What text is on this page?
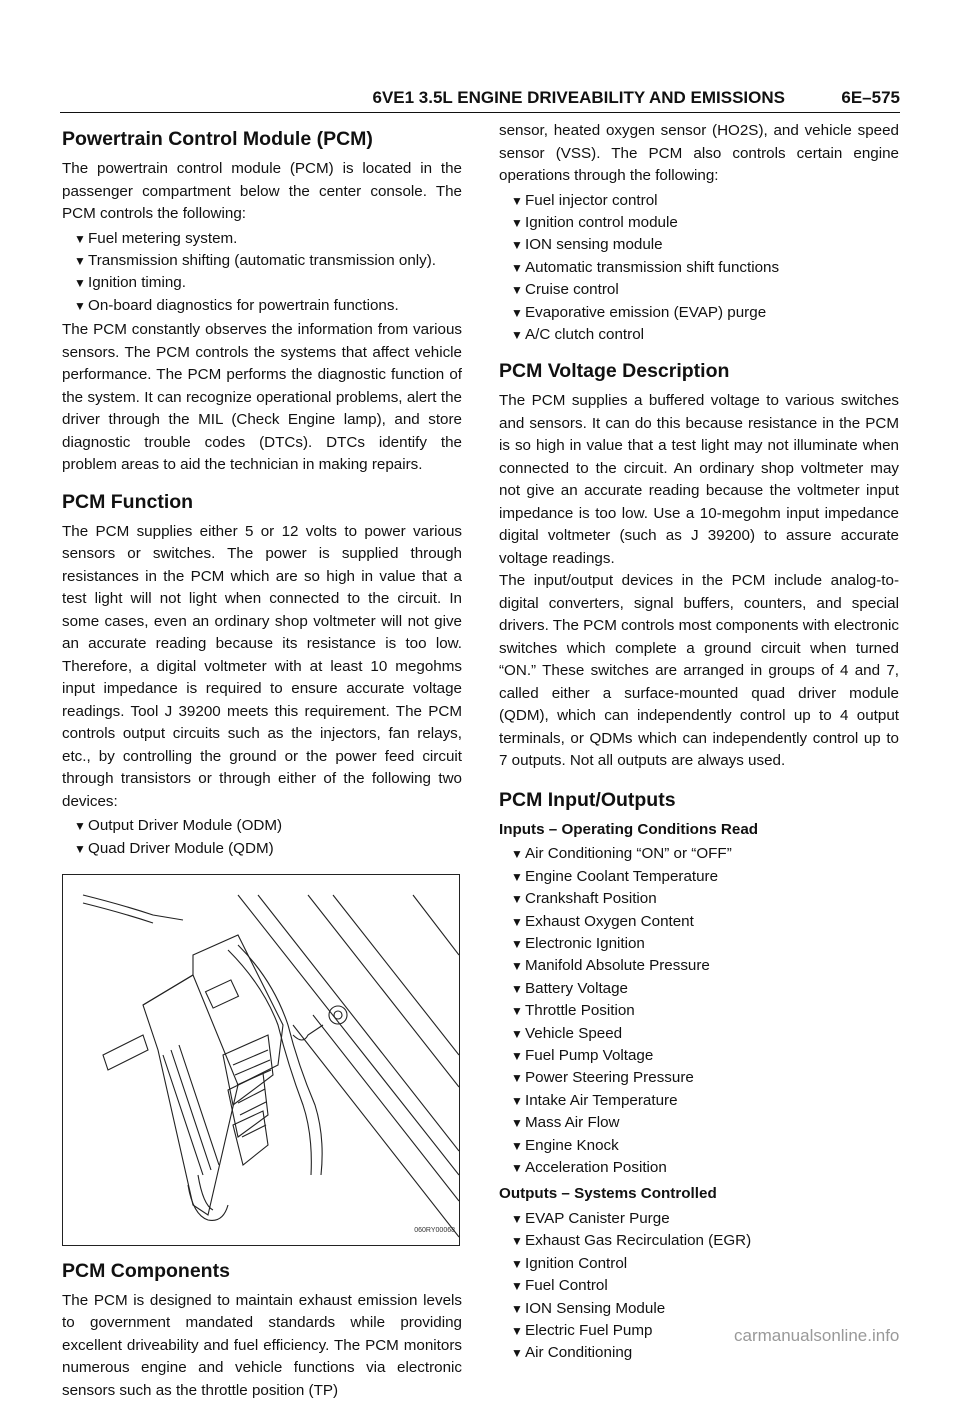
6VE1 3.5L ENGINE DRIVEABILITY AND EMISSIONS	6E–575
Powertrain Control Module (PCM)

The powertrain control module (PCM) is located in the passenger compartment below the center console. The PCM controls the following:

▼ Fuel metering system.
▼ Transmission shifting (automatic transmission only).
▼ Ignition timing.
▼ On-board diagnostics for powertrain functions.

The PCM constantly observes the information from various sensors. The PCM controls the systems that affect vehicle performance. The PCM performs the diagnostic function of the system. It can recognize operational problems, alert the driver through the MIL (Check Engine lamp), and store diagnostic trouble codes (DTCs). DTCs identify the problem areas to aid the technician in making repairs.

PCM Function

The PCM supplies either 5 or 12 volts to power various sensors or switches. The power is supplied through resistances in the PCM which are so high in value that a test light will not light when connected to the circuit. In some cases, even an ordinary shop voltmeter will not give an accurate reading because its resistance is too low. Therefore, a digital voltmeter with at least 10 megohms input impedance is required to ensure accurate voltage readings. Tool J 39200 meets this requirement. The PCM controls output circuits such as the injectors, fan relays, etc., by controlling the ground or the power feed circuit through transistors or through either of the following two devices:

▼ Output Driver Module (ODM)
▼ Quad Driver Module (QDM)
060RY00068
PCM Components

The PCM is designed to maintain exhaust emission levels to government mandated standards while providing excellent driveability and fuel efficiency. The PCM monitors numerous engine and vehicle functions via electronic sensors such as the throttle position (TP)

sensor, heated oxygen sensor (HO2S), and vehicle speed sensor (VSS). The PCM also controls certain engine operations through the following:

▼ Fuel injector control
▼ Ignition control module
▼ ION sensing module
▼ Automatic transmission shift functions
▼ Cruise control
▼ Evaporative emission (EVAP) purge
▼ A/C clutch control
PCM Voltage Description

The PCM supplies a buffered voltage to various switches and sensors. It can do this because resistance in the PCM is so high in value that a test light may not illuminate when connected to the circuit. An ordinary shop voltmeter may not give an accurate reading because the voltmeter input impedance is too low. Use a 10-megohm input impedance digital voltmeter (such as J 39200) to assure accurate voltage readings.

The input/output devices in the PCM include analog-to-digital converters, signal buffers, counters, and special drivers. The PCM controls most components with electronic switches which complete a ground circuit when turned “ON.” These switches are arranged in groups of 4 and 7, called either a surface-mounted quad driver module (QDM), which can independently control up to 4 output terminals, or QDMs which can independently control up to 7 outputs. Not all outputs are always used.

PCM Input/Outputs
Inputs – Operating Conditions Read
▼ Air Conditioning “ON” or “OFF”
▼ Engine Coolant Temperature
▼ Crankshaft Position
▼ Exhaust Oxygen Content
▼ Electronic Ignition
▼ Manifold Absolute Pressure
▼ Battery Voltage
▼ Throttle Position
▼ Vehicle Speed
▼ Fuel Pump Voltage
▼ Power Steering Pressure
▼ Intake Air Temperature
▼ Mass Air Flow
▼ Engine Knock
▼ Acceleration Position
Outputs – Systems Controlled
▼ EVAP Canister Purge
▼ Exhaust Gas Recirculation (EGR)
▼ Ignition Control
▼ Fuel Control
▼ ION Sensing Module
▼ Electric Fuel Pump
▼ Air Conditioning
carmanualsonline.info
